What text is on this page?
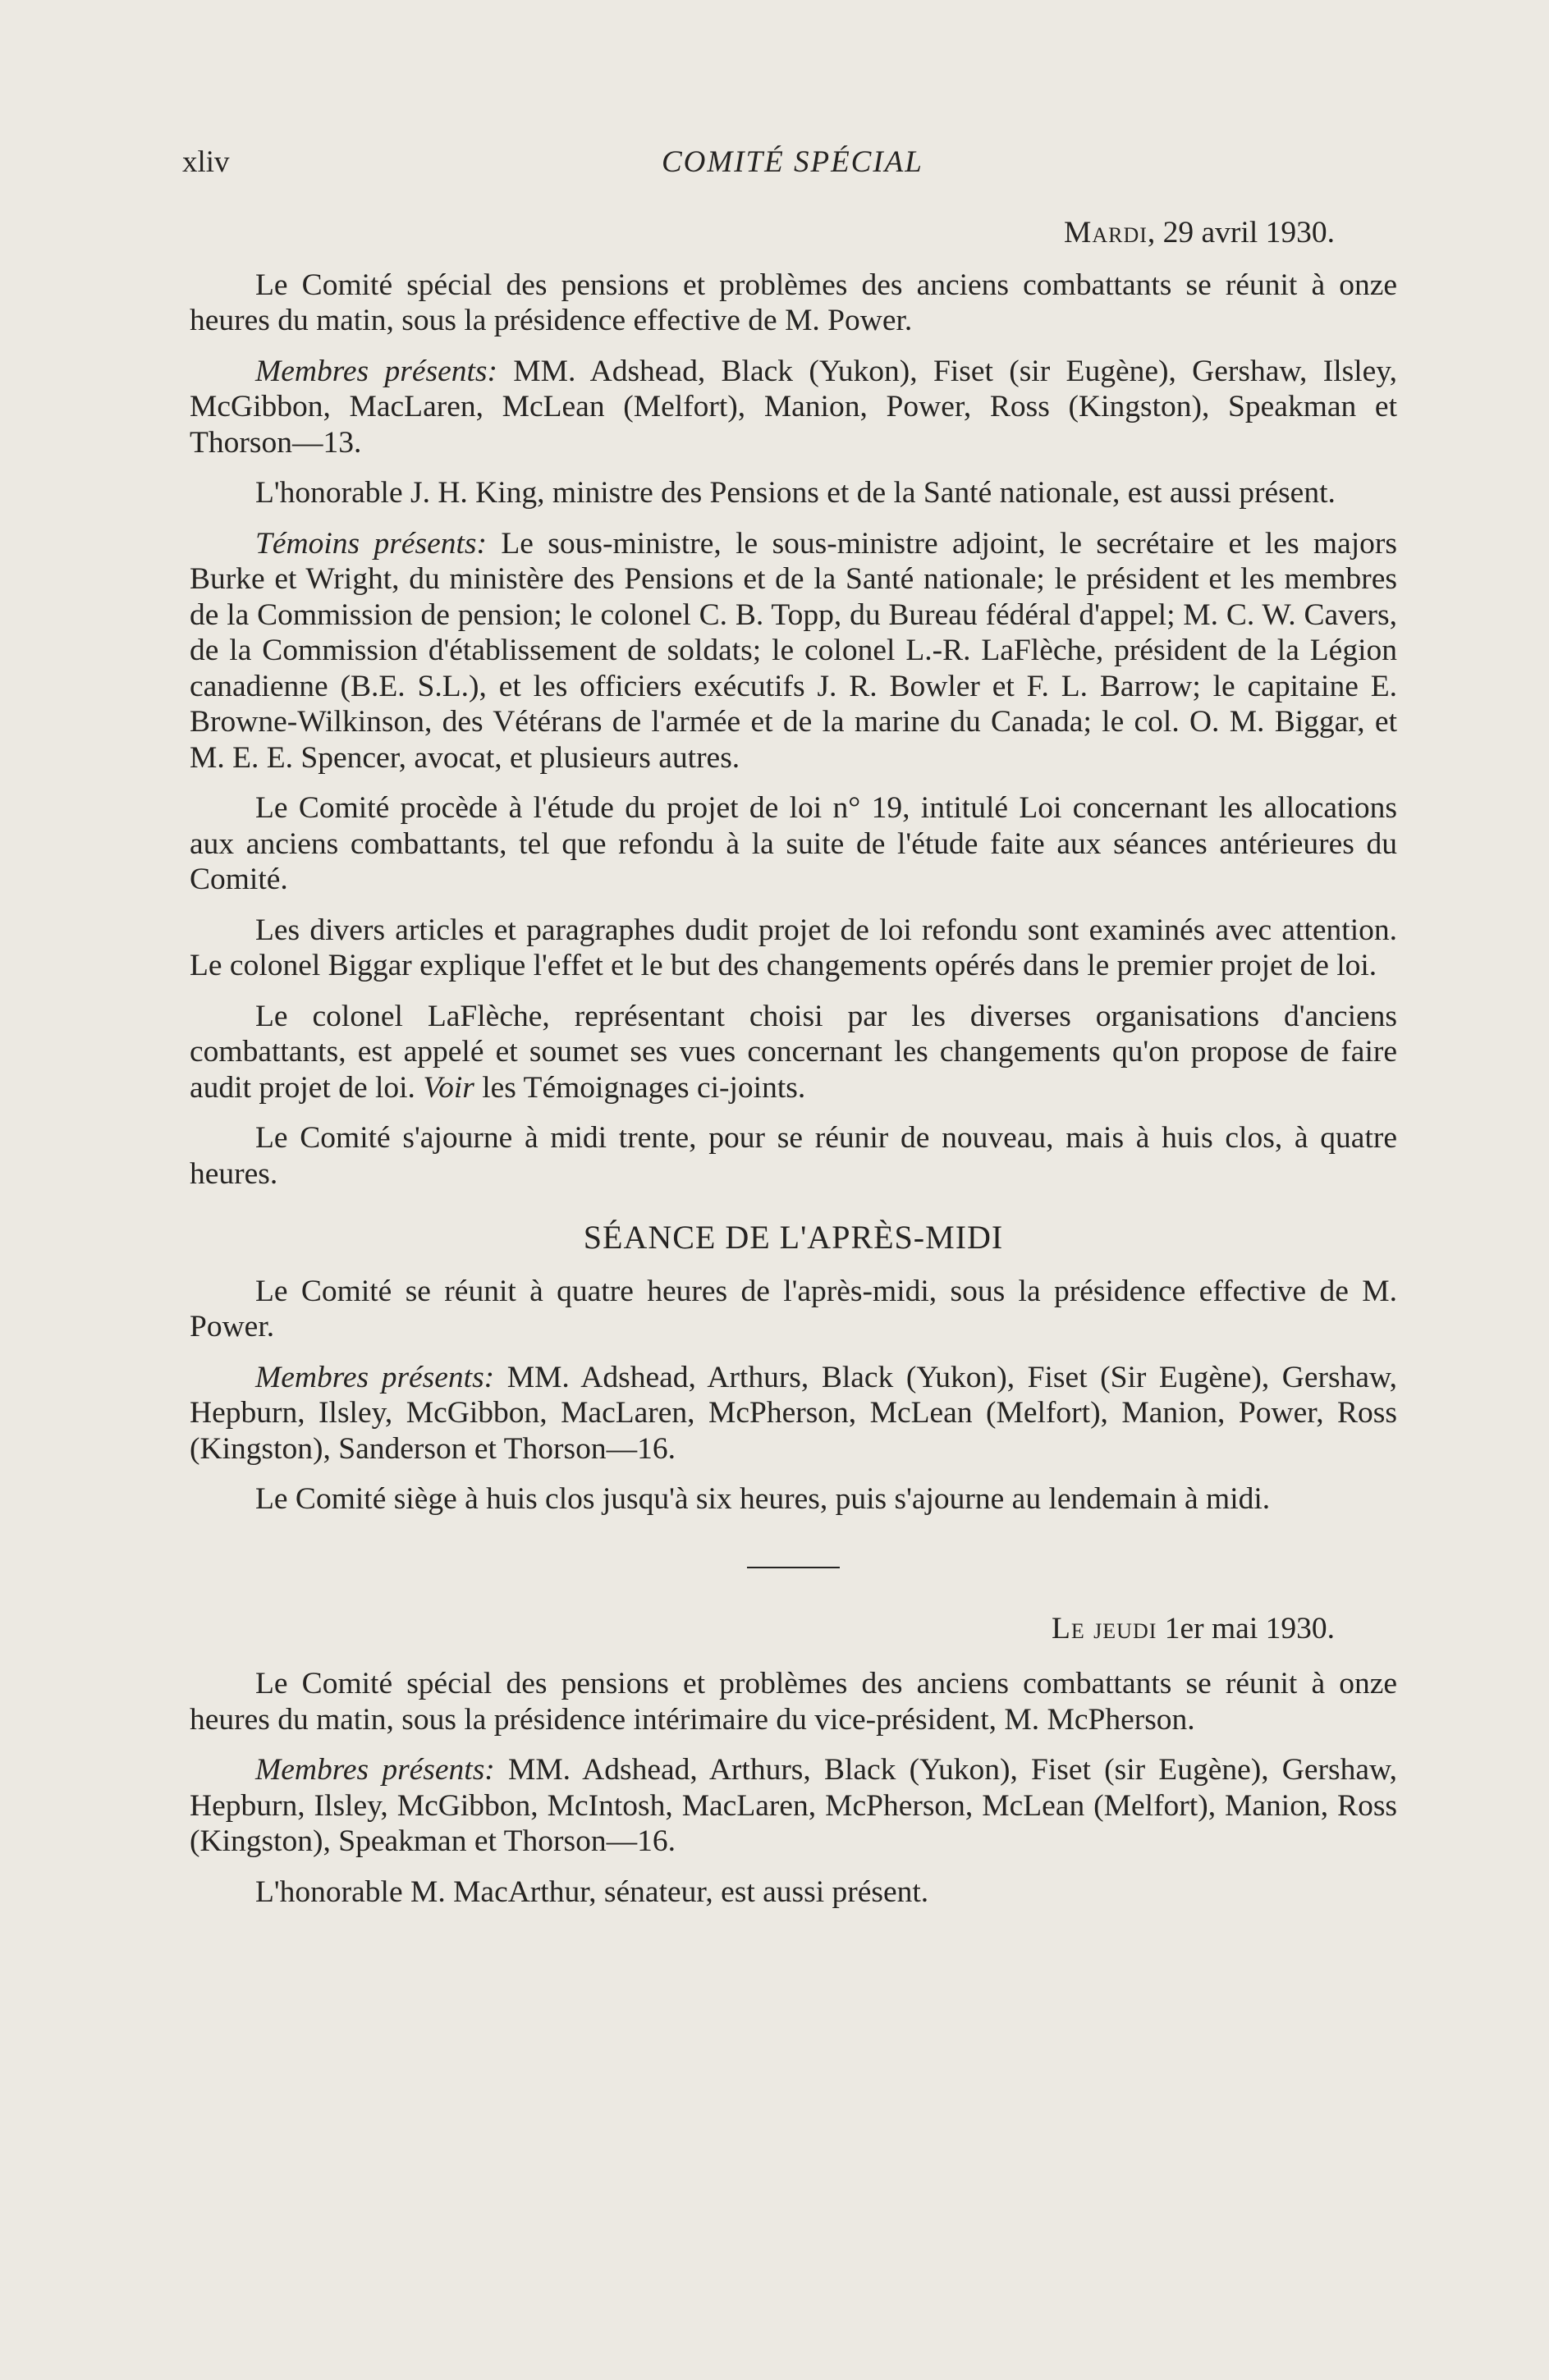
xliv	COMITÉ SPÉCIAL
Mardi, 29 avril 1930.

Le Comité spécial des pensions et problèmes des anciens combattants se réunit à onze heures du matin, sous la présidence effective de M. Power.

Membres présents: MM. Adshead, Black (Yukon), Fiset (sir Eugène), Gershaw, Ilsley, McGibbon, MacLaren, McLean (Melfort), Manion, Power, Ross (Kingston), Speakman et Thorson—13.

L'honorable J. H. King, ministre des Pensions et de la Santé nationale, est aussi présent.

Témoins présents: Le sous-ministre, le sous-ministre adjoint, le secrétaire et les majors Burke et Wright, du ministère des Pensions et de la Santé nationale; le président et les membres de la Commission de pension; le colonel C. B. Topp, du Bureau fédéral d'appel; M. C. W. Cavers, de la Commission d'établissement de soldats; le colonel L.-R. LaFlèche, président de la Légion canadienne (B.E. S.L.), et les officiers exécutifs J. R. Bowler et F. L. Barrow; le capitaine E. Browne-Wilkinson, des Vétérans de l'armée et de la marine du Canada; le col. O. M. Biggar, et M. E. E. Spencer, avocat, et plusieurs autres.

Le Comité procède à l'étude du projet de loi n° 19, intitulé Loi concernant les allocations aux anciens combattants, tel que refondu à la suite de l'étude faite aux séances antérieures du Comité.

Les divers articles et paragraphes dudit projet de loi refondu sont examinés avec attention. Le colonel Biggar explique l'effet et le but des changements opérés dans le premier projet de loi.

Le colonel LaFlèche, représentant choisi par les diverses organisations d'anciens combattants, est appelé et soumet ses vues concernant les changements qu'on propose de faire audit projet de loi. Voir les Témoignages ci-joints.

Le Comité s'ajourne à midi trente, pour se réunir de nouveau, mais à huis clos, à quatre heures.

SÉANCE DE L'APRÈS-MIDI

Le Comité se réunit à quatre heures de l'après-midi, sous la présidence effective de M. Power.

Membres présents: MM. Adshead, Arthurs, Black (Yukon), Fiset (Sir Eugène), Gershaw, Hepburn, Ilsley, McGibbon, MacLaren, McPherson, McLean (Melfort), Manion, Power, Ross (Kingston), Sanderson et Thorson—16.

Le Comité siège à huis clos jusqu'à six heures, puis s'ajourne au lendemain à midi.

Le jeudi 1er mai 1930.

Le Comité spécial des pensions et problèmes des anciens combattants se réunit à onze heures du matin, sous la présidence intérimaire du vice-président, M. McPherson.

Membres présents: MM. Adshead, Arthurs, Black (Yukon), Fiset (sir Eugène), Gershaw, Hepburn, Ilsley, McGibbon, McIntosh, MacLaren, McPherson, McLean (Melfort), Manion, Ross (Kingston), Speakman et Thorson—16.

L'honorable M. MacArthur, sénateur, est aussi présent.
